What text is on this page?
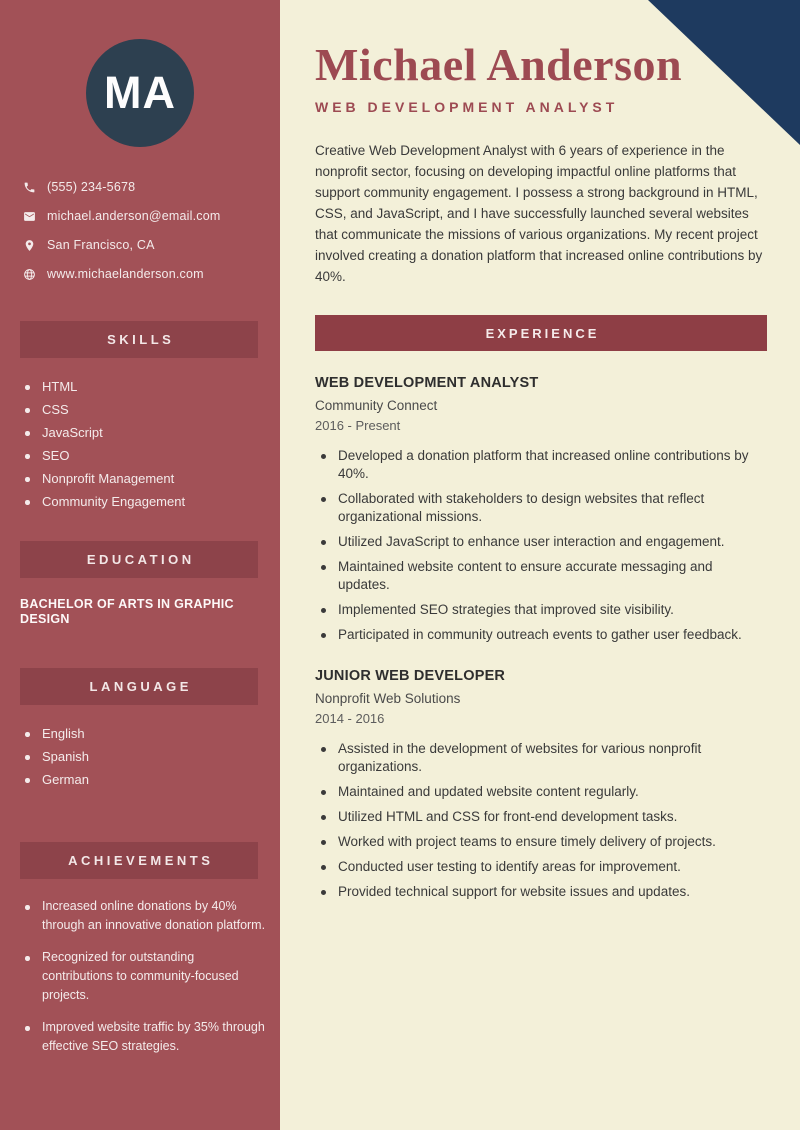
MA
(555) 234-5678
michael.anderson@email.com
San Francisco, CA
www.michaelanderson.com
SKILLS
HTML
CSS
JavaScript
SEO
Nonprofit Management
Community Engagement
EDUCATION
BACHELOR OF ARTS IN GRAPHIC DESIGN
LANGUAGE
English
Spanish
German
ACHIEVEMENTS
Increased online donations by 40% through an innovative donation platform.
Recognized for outstanding contributions to community-focused projects.
Improved website traffic by 35% through effective SEO strategies.
Michael Anderson
WEB DEVELOPMENT ANALYST

Creative Web Development Analyst with 6 years of experience in the nonprofit sector, focusing on developing impactful online platforms that support community engagement. I possess a strong background in HTML, CSS, and JavaScript, and I have successfully launched several websites that communicate the missions of various organizations. My recent project involved creating a donation platform that increased online contributions by 40%.

EXPERIENCE
WEB DEVELOPMENT ANALYST
Community Connect
2016 - Present
Developed a donation platform that increased online contributions by 40%.
Collaborated with stakeholders to design websites that reflect organizational missions.
Utilized JavaScript to enhance user interaction and engagement.
Maintained website content to ensure accurate messaging and updates.
Implemented SEO strategies that improved site visibility.
Participated in community outreach events to gather user feedback.
JUNIOR WEB DEVELOPER
Nonprofit Web Solutions
2014 - 2016
Assisted in the development of websites for various nonprofit organizations.
Maintained and updated website content regularly.
Utilized HTML and CSS for front-end development tasks.
Worked with project teams to ensure timely delivery of projects.
Conducted user testing to identify areas for improvement.
Provided technical support for website issues and updates.
